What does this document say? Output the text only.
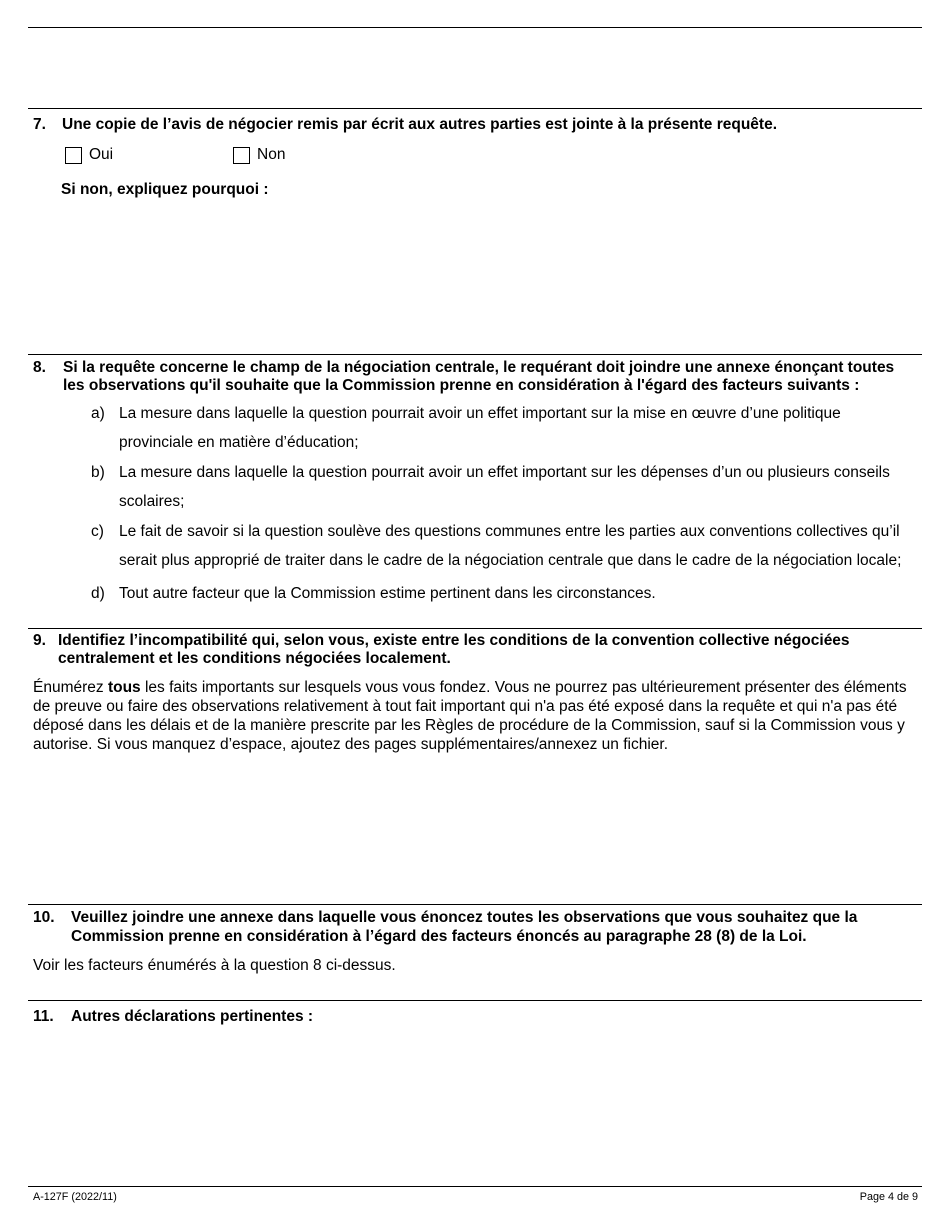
7. Une copie de l’avis de négocier remis par écrit aux autres parties est jointe à la présente requête.
Oui	Non
Si non, expliquez pourquoi :
8. Si la requête concerne le champ de la négociation centrale, le requérant doit joindre une annexe énonçant toutes les observations qu'il souhaite que la Commission prenne en considération à l'égard des facteurs suivants :
a) La mesure dans laquelle la question pourrait avoir un effet important sur la mise en œuvre d’une politique provinciale en matière d’éducation;
b) La mesure dans laquelle la question pourrait avoir un effet important sur les dépenses d’un ou plusieurs conseils scolaires;
c) Le fait de savoir si la question soulève des questions communes entre les parties aux conventions collectives qu’il serait plus approprié de traiter dans le cadre de la négociation centrale que dans le cadre de la négociation locale;
d) Tout autre facteur que la Commission estime pertinent dans les circonstances.
9. Identifiez l’incompatibilité qui, selon vous, existe entre les conditions de la convention collective négociées centralement et les conditions négociées localement.

Énumérez tous les faits importants sur lesquels vous vous fondez. Vous ne pourrez pas ultérieurement présenter des éléments de preuve ou faire des observations relativement à tout fait important qui n'a pas été exposé dans la requête et qui n'a pas été déposé dans les délais et de la manière prescrite par les Règles de procédure de la Commission, sauf si la Commission vous y autorise. Si vous manquez d’espace, ajoutez des pages supplémentaires/annexez un fichier.

10. Veuillez joindre une annexe dans laquelle vous énoncez toutes les observations que vous souhaitez que la Commission prenne en considération à l’égard des facteurs énoncés au paragraphe 28 (8) de la Loi.
Voir les facteurs énumérés à la question 8 ci-dessus.
11. Autres déclarations pertinentes :
A-127F (2022/11)	Page 4 de 9
